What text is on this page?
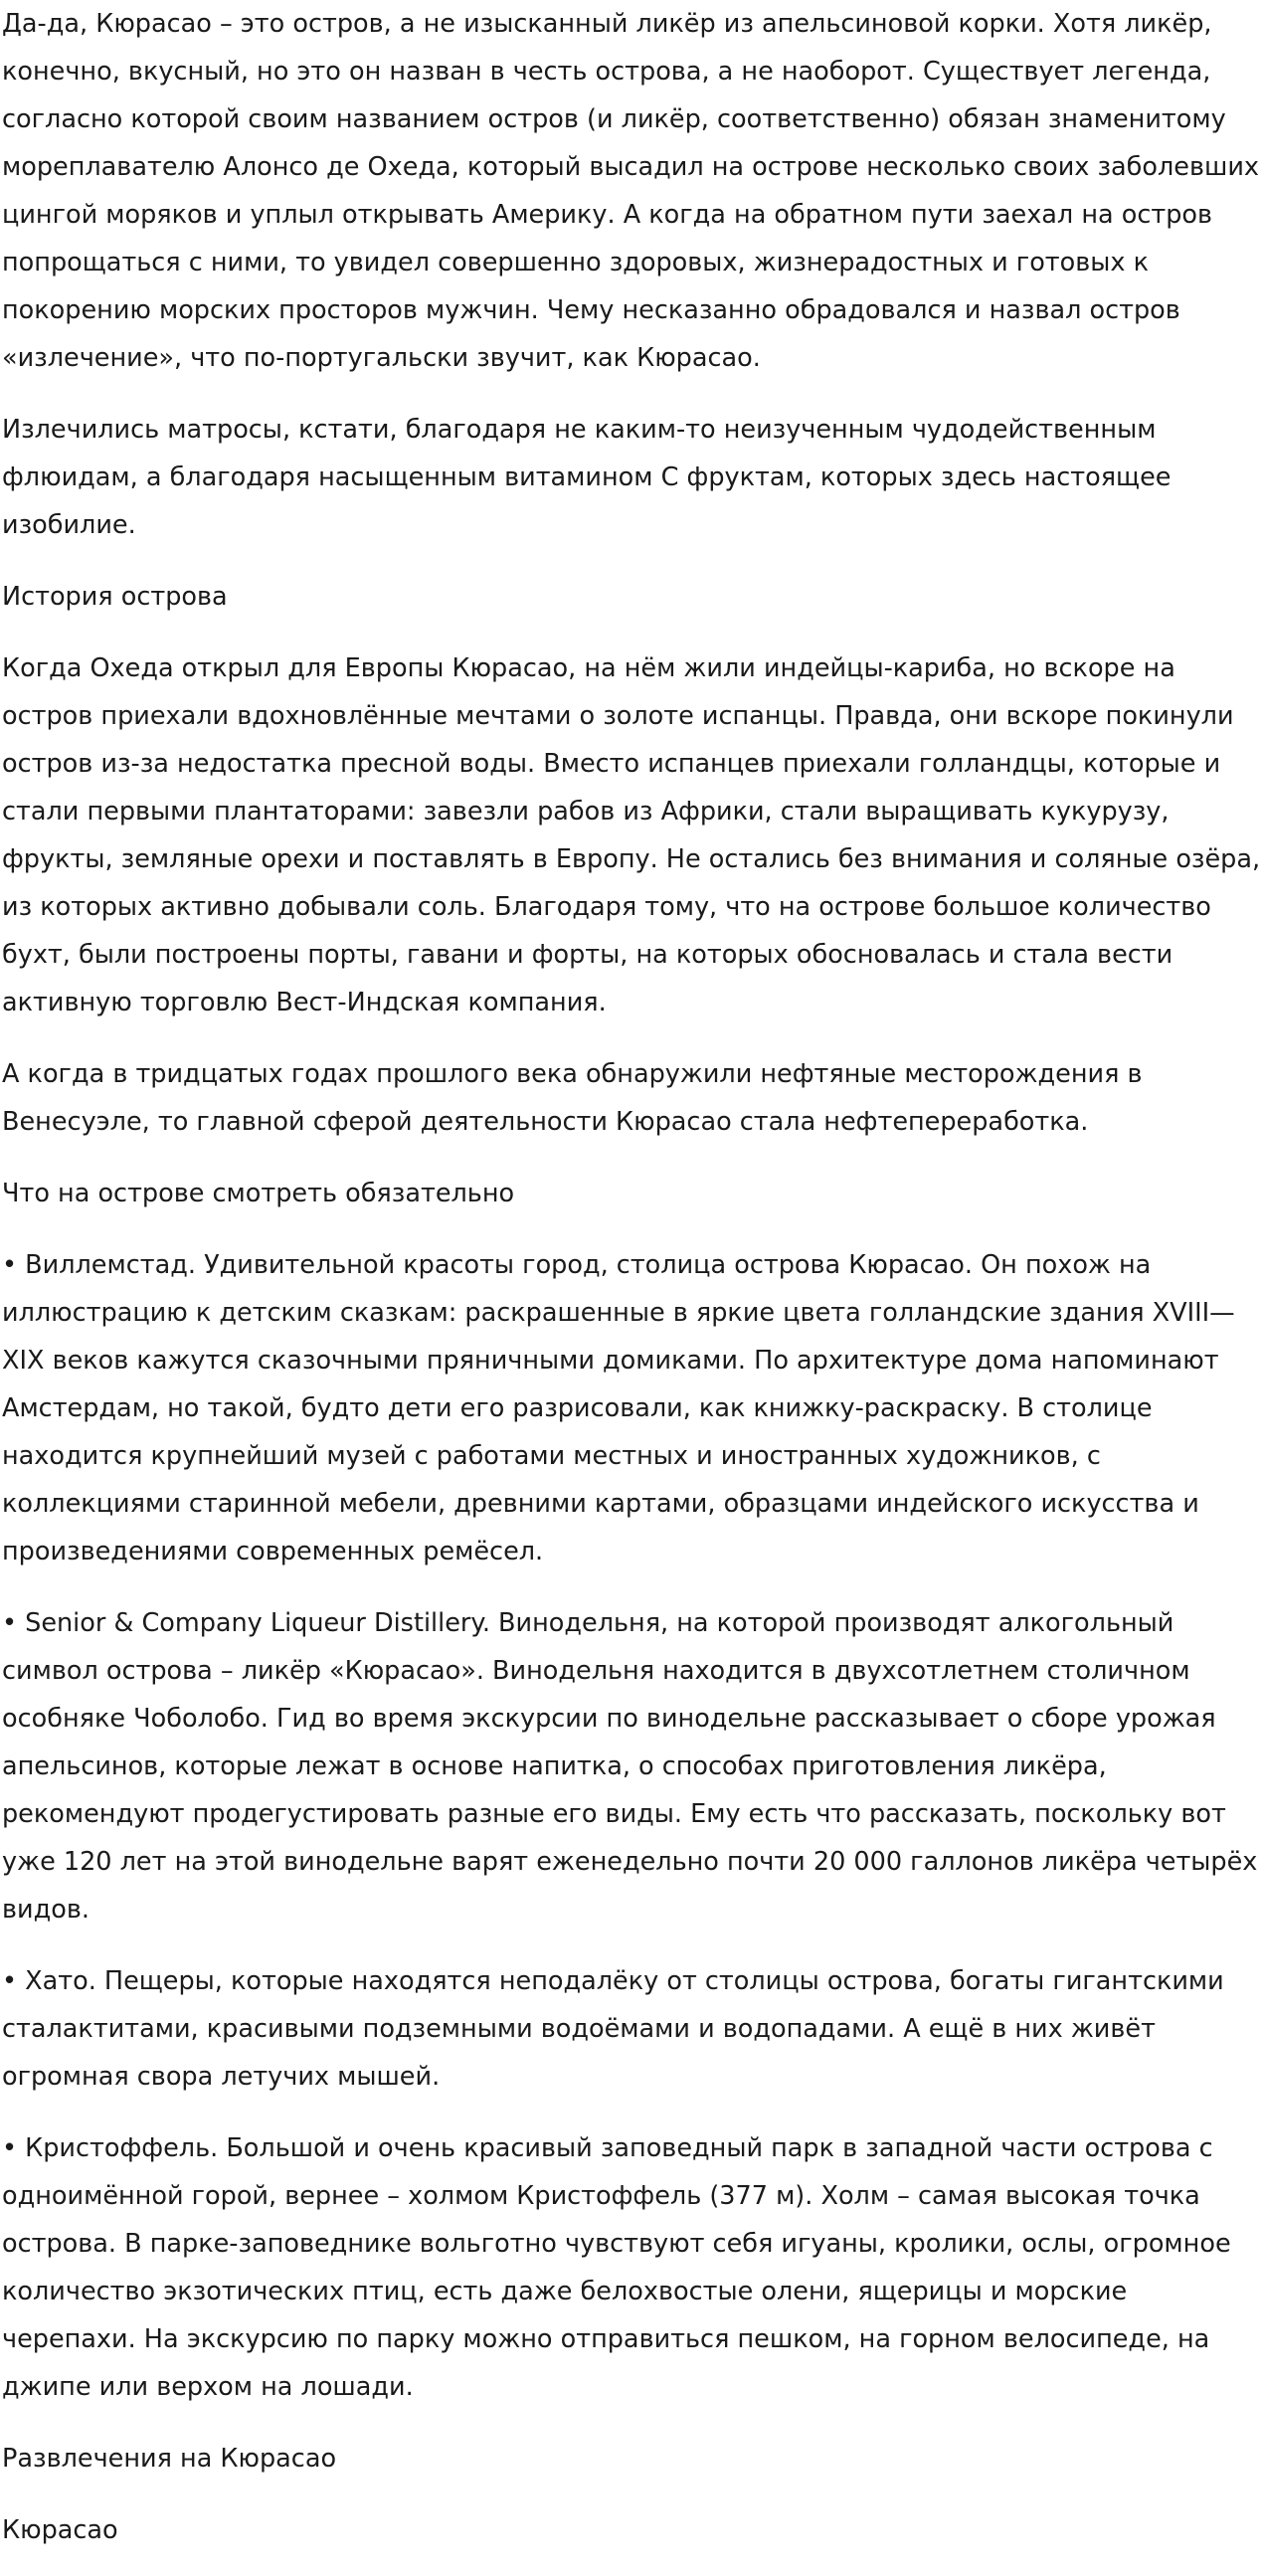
Да-да, Кюрасао – это остров, а не изысканный ликёр из апельсиновой корки. Хотя ликёр, конечно, вкусный, но это он назван в честь острова, а не наоборот. Существует легенда, согласно которой своим названием остров (и ликёр, соответственно) обязан знаменитому мореплавателю Алонсо де Охеда, который высадил на острове несколько своих заболевших цингой моряков и уплыл открывать Америку. А когда на обратном пути заехал на остров попрощаться с ними, то увидел совершенно здоровых, жизнерадостных и готовых к покорению морских просторов мужчин. Чему несказанно обрадовался и назвал остров «излечение», что по-португальски звучит, как Кюрасао.

Излечились матросы, кстати, благодаря не каким-то неизученным чудодейственным флюидам, а благодаря насыщенным витамином С фруктам, которых здесь настоящее изобилие.

История острова

Когда Охеда открыл для Европы Кюрасао, на нём жили индейцы-кариба, но вскоре на остров приехали вдохновлённые мечтами о золоте испанцы. Правда, они вскоре покинули остров из-за недостатка пресной воды. Вместо испанцев приехали голландцы, которые и стали первыми плантаторами: завезли рабов из Африки, стали выращивать кукурузу, фрукты, земляные орехи и поставлять в Европу. Не остались без внимания и соляные озёра, из которых активно добывали соль. Благодаря тому, что на острове большое количество бухт, были построены порты, гавани и форты, на которых обосновалась и стала вести активную торговлю Вест-Индская компания.

А когда в тридцатых годах прошлого века обнаружили нефтяные месторождения в Венесуэле, то главной сферой деятельности Кюрасао стала нефтепереработка.

Что на острове смотреть обязательно

• Виллемстад. Удивительной красоты город, столица острова Кюрасао. Он похож на иллюстрацию к детским сказкам: раскрашенные в яркие цвета голландские здания XVIII—XIX веков кажутся сказочными пряничными домиками. По архитектуре дома напоминают Амстердам, но такой, будто дети его разрисовали, как книжку-раскраску. В столице находится крупнейший музей с работами местных и иностранных художников, с коллекциями старинной мебели, древними картами, образцами индейского искусства и произведениями современных ремёсел.

• Senior & Company Liqueur Distillery. Винодельня, на которой производят алкогольный символ острова – ликёр «Кюрасао». Винодельня находится в двухсотлетнем столичном особняке Чоболобо. Гид во время экскурсии по винодельне рассказывает о сборе урожая апельсинов, которые лежат в основе напитка, о способах приготовления ликёра, рекомендуют продегустировать разные его виды. Ему есть что рассказать, поскольку вот уже 120 лет на этой винодельне варят еженедельно почти 20 000 галлонов ликёра четырёх видов.

• Хато. Пещеры, которые находятся неподалёку от столицы острова, богаты гигантскими сталактитами, красивыми подземными водоёмами и водопадами. А ещё в них живёт огромная свора летучих мышей.

• Кристоффель. Большой и очень красивый заповедный парк в западной части острова с одноимённой горой, вернее – холмом Кристоффель (377 м). Холм – самая высокая точка острова. В парке-заповеднике вольготно чувствуют себя игуаны, кролики, ослы, огромное количество экзотических птиц, есть даже белохвостые олени, ящерицы и морские черепахи. На экскурсию по парку можно отправиться пешком, на горном велосипеде, на джипе или верхом на лошади.

Развлечения на Кюрасао

Кюрасао
